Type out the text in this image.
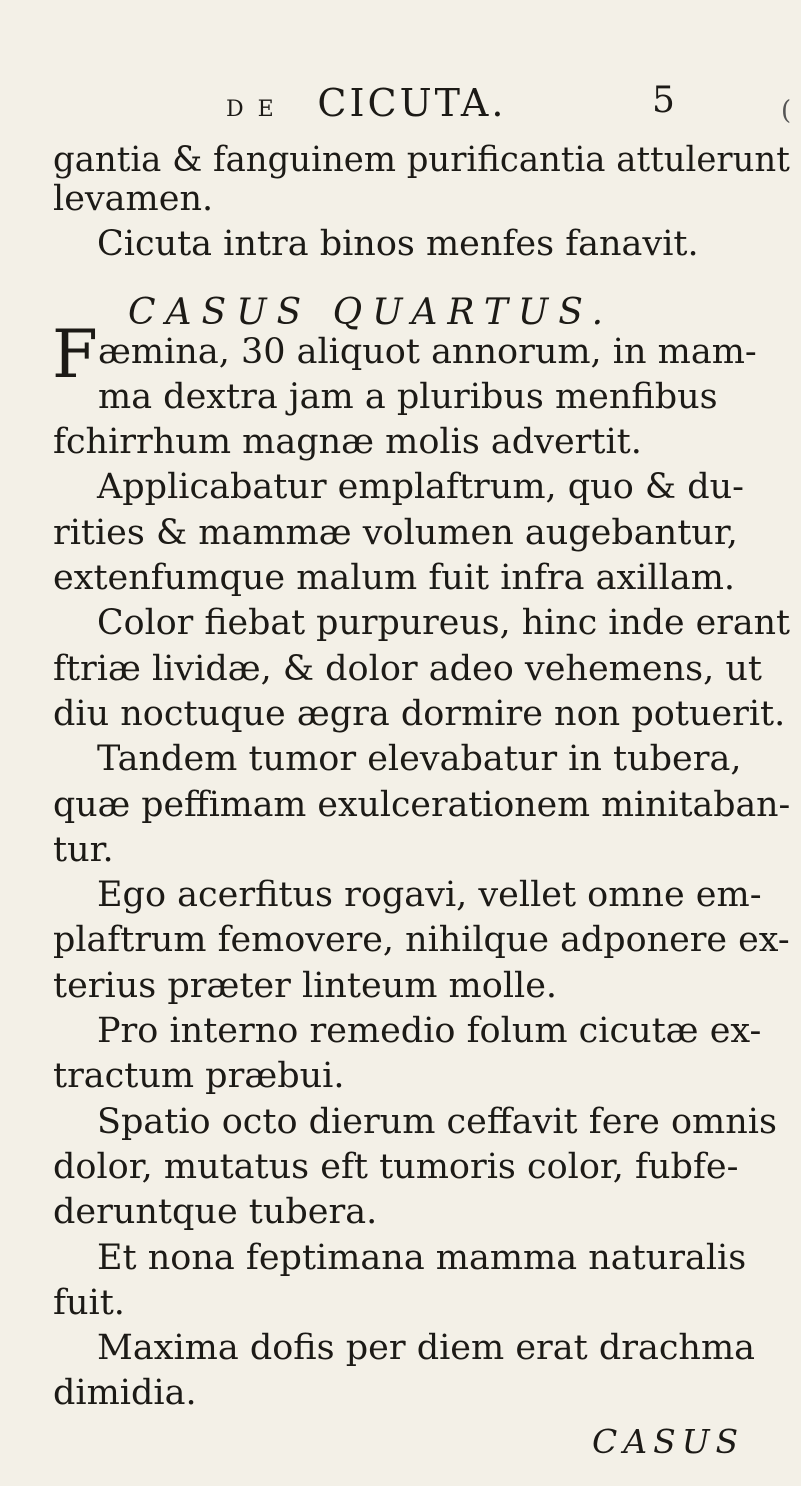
DE CICUTA.	5	(
gantia & fanguinem purificantia attulerunt
levamen.
Cicuta intra binos menfes fanavit.
CASUS QUARTUS.
F æmina, 30 aliquot annorum, in mam-
ma dextra jam a pluribus menfibus
fchirrhum magnæ molis advertit.
Applicabatur emplaftrum, quo & du-
rities & mammæ volumen augebantur,
extenfumque malum fuit infra axillam.
Color fiebat purpureus, hinc inde erant
ftriæ lividæ, & dolor adeo vehemens, ut
diu noctuque ægra dormire non potuerit.
Tandem tumor elevabatur in tubera,
quæ peffimam exulcerationem minitaban-
tur.
Ego acerfitus rogavi, vellet omne em-
plaftrum femovere, nihilque adponere ex-
terius præter linteum molle.
Pro interno remedio folum cicutæ ex-
tractum præbui.
Spatio octo dierum ceffavit fere omnis
dolor, mutatus eft tumoris color, fubfe-
deruntque tubera.
Et nona feptimana mamma naturalis
fuit.
Maxima dofis per diem erat drachma
dimidia.
CASUS
